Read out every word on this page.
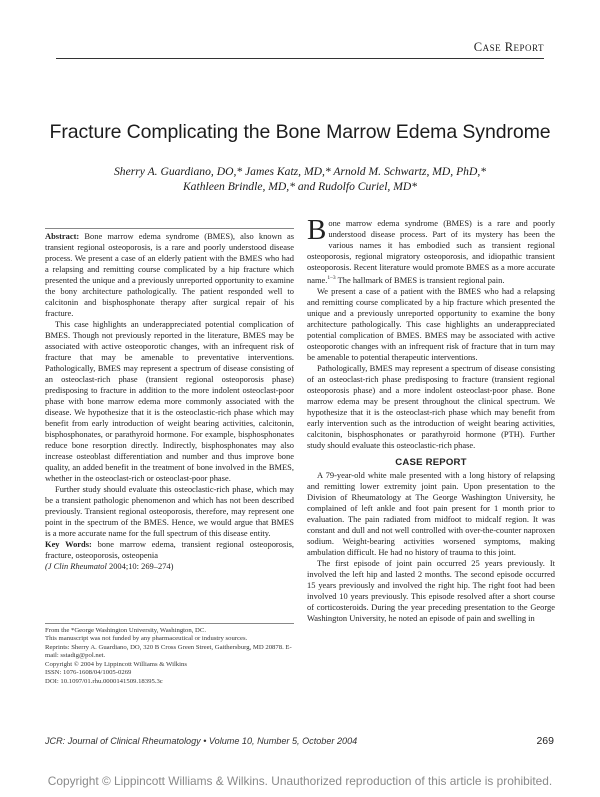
Case Report
Fracture Complicating the Bone Marrow Edema Syndrome
Sherry A. Guardiano, DO,* James Katz, MD,* Arnold M. Schwartz, MD, PhD,*
Kathleen Brindle, MD,* and Rudolfo Curiel, MD*

Abstract: Bone marrow edema syndrome (BMES), also known as transient regional osteoporosis, is a rare and poorly understood disease process. We present a case of an elderly patient with the BMES who had a relapsing and remitting course complicated by a hip fracture which presented the unique and a previously unreported opportunity to examine the bony architecture pathologically. The patient responded well to calcitonin and bisphosphonate therapy after surgical repair of his fracture.

This case highlights an underappreciated potential complication of BMES. Though not previously reported in the literature, BMES may be associated with active osteoporotic changes, with an infrequent risk of fracture that may be amenable to preventative interventions. Pathologically, BMES may represent a spectrum of disease consisting of an osteoclast-rich phase (transient regional osteoporosis phase) predisposing to fracture in addition to the more indolent osteoclast-poor phase with bone marrow edema more commonly associated with the disease. We hypothesize that it is the osteoclastic-rich phase which may benefit from early introduction of weight bearing activities, calcitonin, bisphosphonates, or parathyroid hormone. For example, bisphosphonates reduce bone resorption directly. Indirectly, bisphosphonates may also increase osteoblast differentiation and number and thus improve bone quality, an added benefit in the treatment of bone involved in the BMES, whether in the osteoclast-rich or osteoclast-poor phase.

Further study should evaluate this osteoclastic-rich phase, which may be a transient pathologic phenomenon and which has not been described previously. Transient regional osteoporosis, therefore, may represent one point in the spectrum of the BMES. Hence, we would argue that BMES is a more accurate name for the full spectrum of this disease entity.

Key Words: bone marrow edema, transient regional osteoporosis, fracture, osteoporosis, osteopenia

(J Clin Rheumatol 2004;10: 269–274)

From the *George Washington University, Washington, DC.

This manuscript was not funded by any pharmaceutical or industry sources.

Reprints: Sherry A. Guardiano, DO, 320 B Cross Green Street, Gaithersburg, MD 20878. E-mail: sstadig@pol.net.

Copyright © 2004 by Lippincott Williams & Wilkins

ISSN: 1076-1608/04/1005-0269

DOI: 10.1097/01.rhu.0000141509.18395.3c

Bone marrow edema syndrome (BMES) is a rare and poorly understood disease process. Part of its mystery has been the various names it has embodied such as transient regional osteoporosis, regional migratory osteoporosis, and idiopathic transient osteoporosis. Recent literature would promote BMES as a more accurate name.$^{1-3}$ The hallmark of BMES is transient regional pain.

We present a case of a patient with the BMES who had a relapsing and remitting course complicated by a hip fracture which presented the unique and a previously unreported opportunity to examine the bony architecture pathologically. This case highlights an underappreciated potential complication of BMES. BMES may be associated with active osteoporotic changes with an infrequent risk of fracture that in turn may be amenable to potential therapeutic interventions.

Pathologically, BMES may represent a spectrum of disease consisting of an osteoclast-rich phase predisposing to fracture (transient regional osteoporosis phase) and a more indolent osteoclast-poor phase. Bone marrow edema may be present throughout the clinical spectrum. We hypothesize that it is the osteoclast-rich phase which may benefit from early intervention such as the introduction of weight bearing activities, calcitonin, bisphosphonates or parathyroid hormone (PTH). Further study should evaluate this osteoclastic-rich phase.

CASE REPORT

A 79-year-old white male presented with a long history of relapsing and remitting lower extremity joint pain. Upon presentation to the Division of Rheumatology at The George Washington University, he complained of left ankle and foot pain present for 1 month prior to evaluation. The pain radiated from midfoot to midcalf region. It was constant and dull and not well controlled with over-the-counter naproxen sodium. Weight-bearing activities worsened symptoms, making ambulation difficult. He had no history of trauma to this joint.

The first episode of joint pain occurred 25 years previously. It involved the left hip and lasted 2 months. The second episode occurred 15 years previously and involved the right hip. The right foot had been involved 10 years previously. This episode resolved after a short course of corticosteroids. During the year preceding presentation to the George Washington University, he noted an episode of pain and swelling in

JCR: Journal of Clinical Rheumatology • Volume 10, Number 5, October 2004	269
Copyright © Lippincott Williams & Wilkins. Unauthorized reproduction of this article is prohibited.
